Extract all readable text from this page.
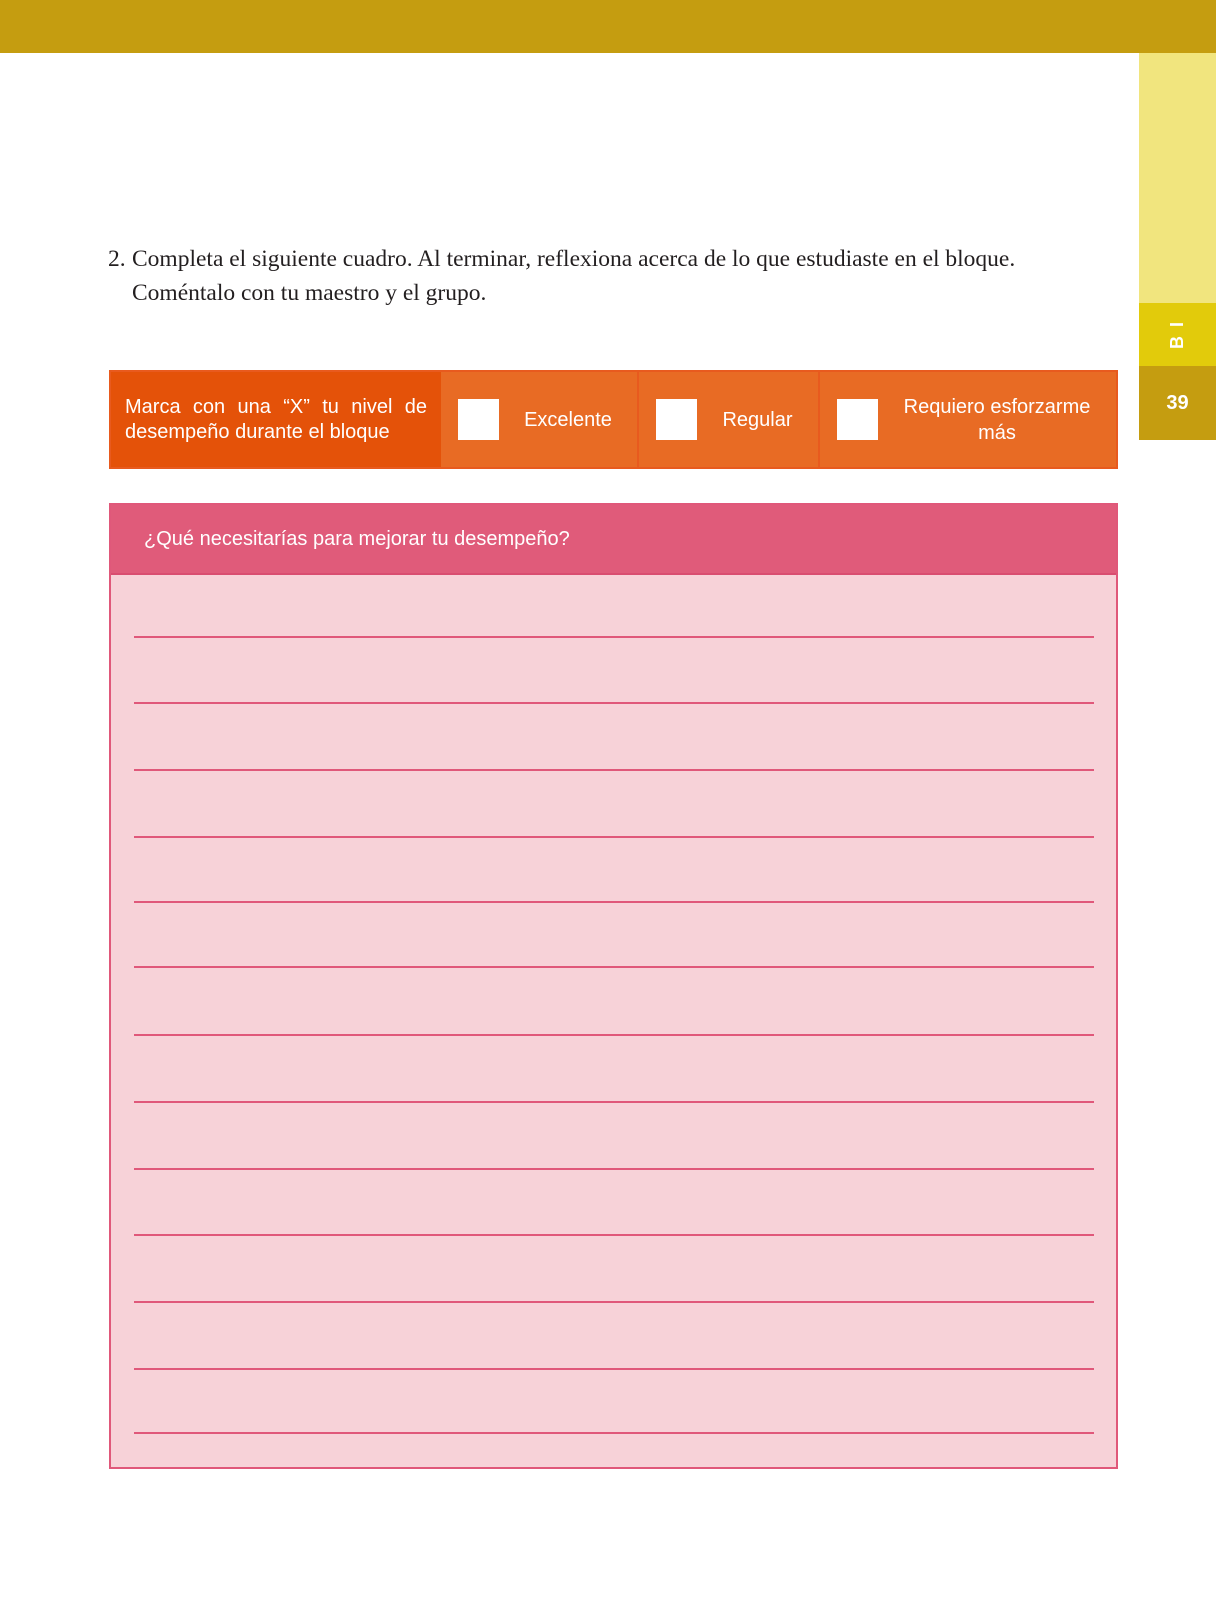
B I
39
2. Completa el siguiente cuadro. Al terminar, reflexiona acerca de lo que estudiaste en el bloque.
Coméntalo con tu maestro y el grupo.
Marca con una “X” tu nivel de desempeño durante el bloque
Excelente	Regular
Requiero esforzarme más
¿Qué necesitarías para mejorar tu desempeño?
